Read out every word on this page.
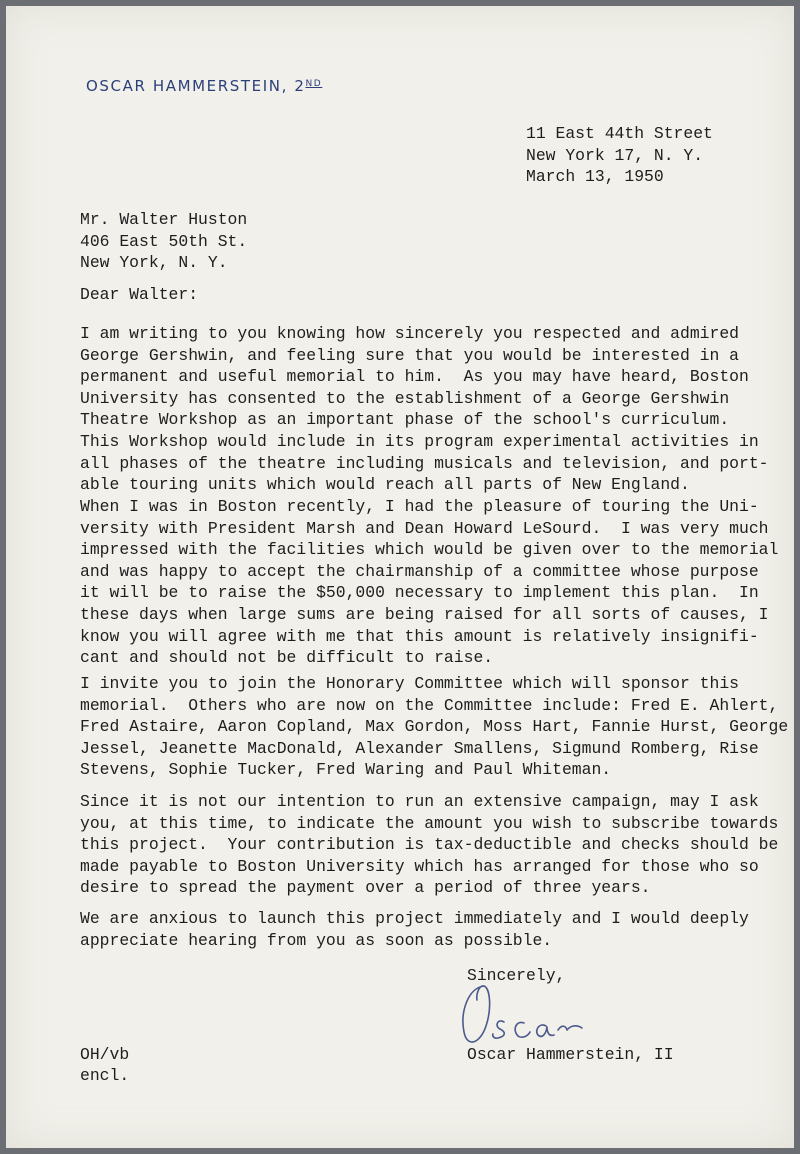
OSCAR HAMMERSTEIN, 2ND
11 East 44th Street
New York 17, N. Y.
March 13, 1950
Mr. Walter Huston
406 East 50th St.
New York, N. Y.
Dear Walter:
I am writing to you knowing how sincerely you respected and admired
George Gershwin, and feeling sure that you would be interested in a
permanent and useful memorial to him.  As you may have heard, Boston
University has consented to the establishment of a George Gershwin
Theatre Workshop as an important phase of the school's curriculum.
This Workshop would include in its program experimental activities in
all phases of the theatre including musicals and television, and port-
able touring units which would reach all parts of New England.
When I was in Boston recently, I had the pleasure of touring the Uni-
versity with President Marsh and Dean Howard LeSourd.  I was very much
impressed with the facilities which would be given over to the memorial
and was happy to accept the chairmanship of a committee whose purpose
it will be to raise the $50,000 necessary to implement this plan.  In
these days when large sums are being raised for all sorts of causes, I
know you will agree with me that this amount is relatively insignifi-
cant and should not be difficult to raise.
I invite you to join the Honorary Committee which will sponsor this
memorial.  Others who are now on the Committee include: Fred E. Ahlert,
Fred Astaire, Aaron Copland, Max Gordon, Moss Hart, Fannie Hurst, George
Jessel, Jeanette MacDonald, Alexander Smallens, Sigmund Romberg, Rise
Stevens, Sophie Tucker, Fred Waring and Paul Whiteman.
Since it is not our intention to run an extensive campaign, may I ask
you, at this time, to indicate the amount you wish to subscribe towards
this project.  Your contribution is tax-deductible and checks should be
made payable to Boston University which has arranged for those who so
desire to spread the payment over a period of three years.
We are anxious to launch this project immediately and I would deeply
appreciate hearing from you as soon as possible.
Sincerely,
Oscar Hammerstein, II
OH/vb
encl.
